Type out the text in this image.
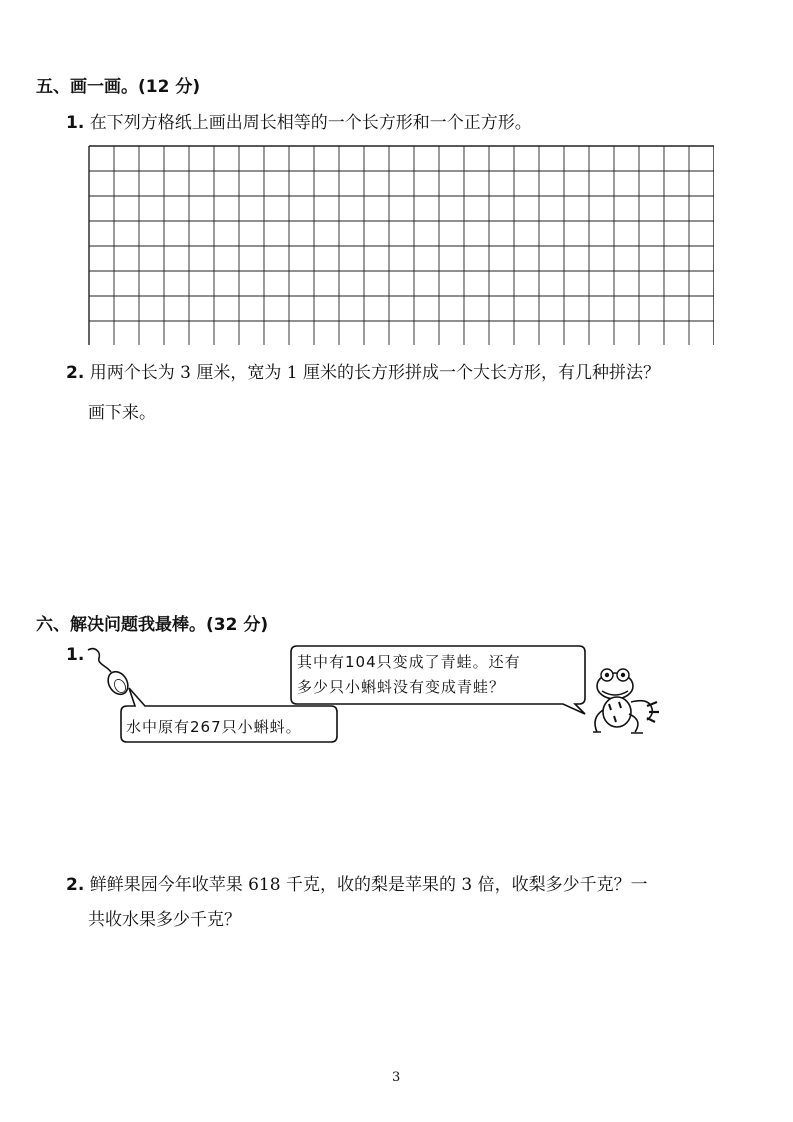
五、画一画。(12 分)
1. 在下列方格纸上画出周长相等的一个长方形和一个正方形。
2. 用两个长为 3 厘米，宽为 1 厘米的长方形拼成一个大长方形，有几种拼法？
画下来。
六、解决问题我最棒。(32 分)
1.
水中原有267只小蝌蚪。
其中有104只变成了青蛙。还有
多少只小蝌蚪没有变成青蛙？
2. 鲜鲜果园今年收苹果 618 千克，收的梨是苹果的 3 倍，收梨多少千克？一
共收水果多少千克？
3
